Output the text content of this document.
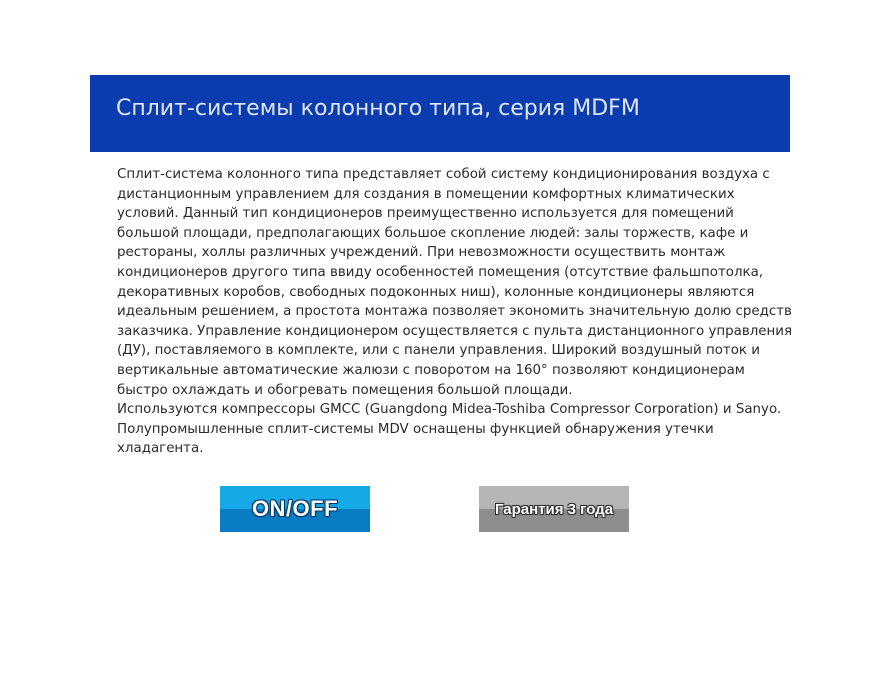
Сплит-системы колонного типа, серия MDFM

Сплит-система колонного типа представляет собой систему кондиционирования воздуха с дистанционным управлением для создания в помещении комфортных климатических условий. Данный тип кондиционеров преимущественно используется для помещений большой площади, предполагающих большое скопление людей: залы торжеств, кафе и рестораны, холлы различных учреждений. При невозможности осуществить монтаж кондиционеров другого типа ввиду особенностей помещения (отсутствие фальшпотолка, декоративных коробов, свободных подоконных ниш), колонные кондиционеры являются идеальным решением, а простота монтажа позволяет экономить значительную долю средств заказчика. Управление кондиционером осуществляется с пульта дистанционного управления (ДУ), поставляемого в комплекте, или с панели управления. Широкий воздушный поток и вертикальные автоматические жалюзи с поворотом на 160° позволяют кондиционерам быстро охлаждать и обогревать помещения большой площади.

Используются компрессоры GMCC (Guangdong Midea-Toshiba Compressor Corporation) и Sanyo.

Полупромышленные сплит-системы MDV оснащены функцией обнаружения утечки хладагента.

ON/OFF	Гарантия 3 года
